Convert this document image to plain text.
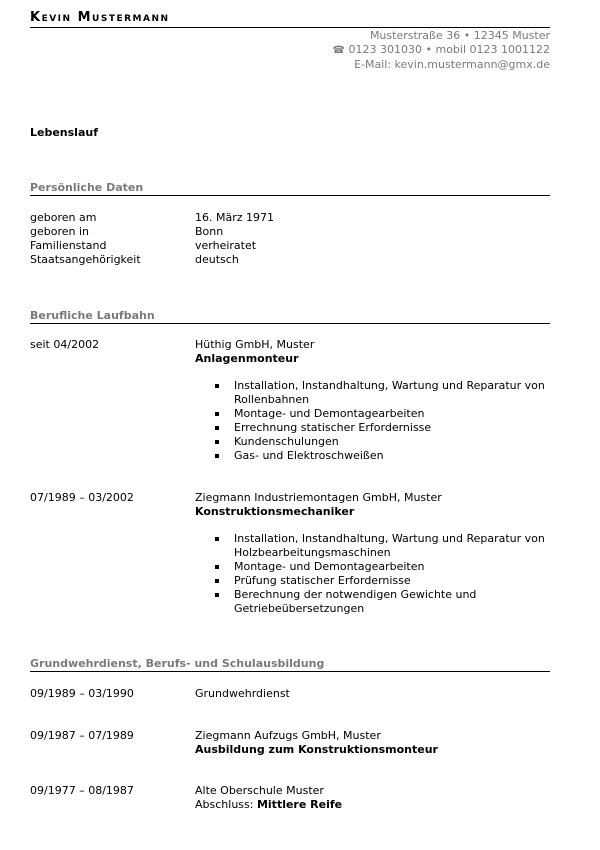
Kevin Mustermann
Musterstraße 36 • 12345 Muster
☎ 0123 301030 • mobil 0123 1001122
E-Mail: kevin.mustermann@gmx.de
Lebenslauf
Persönliche Daten
geboren am	16. März 1971
geboren in	Bonn
Familienstand	verheiratet
Staatsangehörigkeit	deutsch
Berufliche Laufbahn
seit 04/2002	Hüthig GmbH, Muster
Anlagenmonteur
Installation, Instandhaltung, Wartung und Reparatur von Rollenbahnen
Montage- und Demontagearbeiten
Errechnung statischer Erfordernisse
Kundenschulungen
Gas- und Elektroschweißen
07/1989 – 03/2002	Ziegmann Industriemontagen GmbH, Muster
Konstruktionsmechaniker
Installation, Instandhaltung, Wartung und Reparatur von Holzbearbeitungsmaschinen
Montage- und Demontagearbeiten
Prüfung statischer Erfordernisse
Berechnung der notwendigen Gewichte und Getriebeübersetzungen
Grundwehrdienst, Berufs- und Schulausbildung
09/1989 – 03/1990	Grundwehrdienst
09/1987 – 07/1989	Ziegmann Aufzugs GmbH, Muster
Ausbildung zum Konstruktionsmonteur
09/1977 – 08/1987	Alte Oberschule Muster
Abschluss: Mittlere Reife
